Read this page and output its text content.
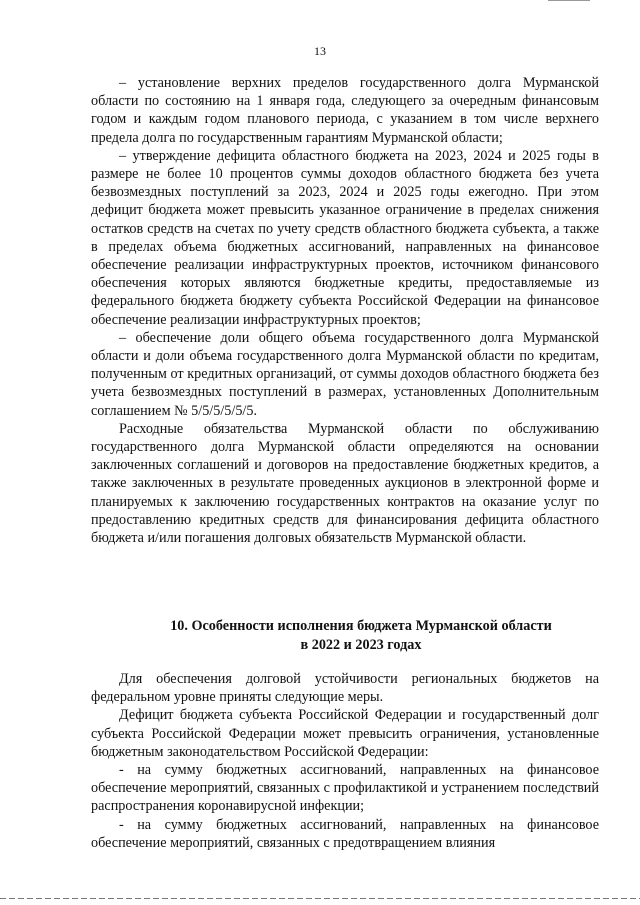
13

– установление верхних пределов государственного долга Мурманской области по состоянию на 1 января года, следующего за очередным финансовым годом и каждым годом планового периода, с указанием в том числе верхнего предела долга по государственным гарантиям Мурманской области;

– утверждение дефицита областного бюджета на 2023, 2024 и 2025 годы в размере не более 10 процентов суммы доходов областного бюджета без учета безвозмездных поступлений за 2023, 2024 и 2025 годы ежегодно. При этом дефицит бюджета может превысить указанное ограничение в пределах снижения остатков средств на счетах по учету средств областного бюджета субъекта, а также в пределах объема бюджетных ассигнований, направленных на финансовое обеспечение реализации инфраструктурных проектов, источником финансового обеспечения которых являются бюджетные кредиты, предоставляемые из федерального бюджета бюджету субъекта Российской Федерации на финансовое обеспечение реализации инфраструктурных проектов;

– обеспечение доли общего объема государственного долга Мурманской области и доли объема государственного долга Мурманской области по кредитам, полученным от кредитных организаций, от суммы доходов областного бюджета без учета безвозмездных поступлений в размерах, установленных Дополнительным соглашением № 5/5/5/5/5/5.

Расходные обязательства Мурманской области по обслуживанию государственного долга Мурманской области определяются на основании заключенных соглашений и договоров на предоставление бюджетных кредитов, а также заключенных в результате проведенных аукционов в электронной форме и планируемых к заключению государственных контрактов на оказание услуг по предоставлению кредитных средств для финансирования дефицита областного бюджета и/или погашения долговых обязательств Мурманской области.

10. Особенности исполнения бюджета Мурманской области
в 2022 и 2023 годах

Для обеспечения долговой устойчивости региональных бюджетов на федеральном уровне приняты следующие меры.

Дефицит бюджета субъекта Российской Федерации и государственный долг субъекта Российской Федерации может превысить ограничения, установленные бюджетным законодательством Российской Федерации:

- на сумму бюджетных ассигнований, направленных на финансовое обеспечение мероприятий, связанных с профилактикой и устранением последствий распространения коронавирусной инфекции;

- на сумму бюджетных ассигнований, направленных на финансовое обеспечение мероприятий, связанных с предотвращением влияния
